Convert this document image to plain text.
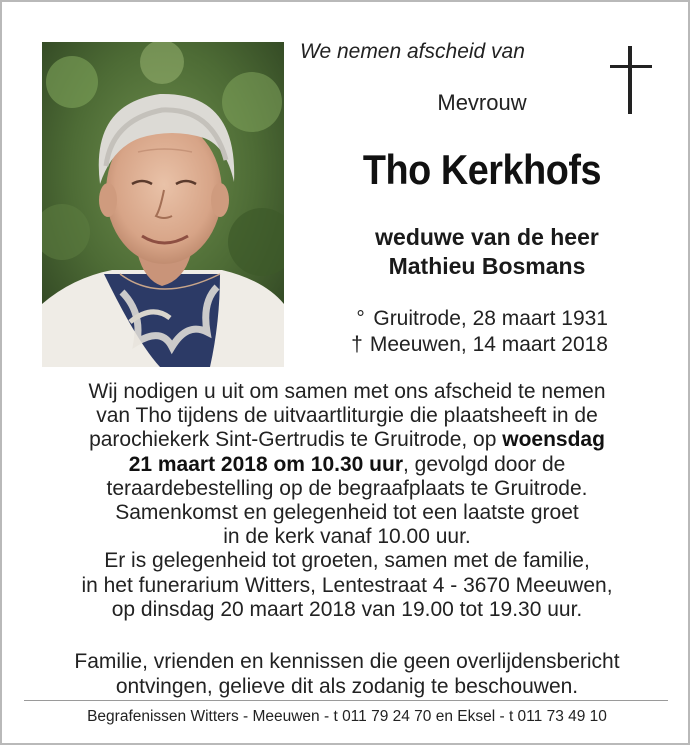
We nemen afscheid van
Mevrouw
Tho Kerkhofs
weduwe van de heer
Mathieu Bosmans
° Gruitrode, 28 maart 1931
† Meeuwen, 14 maart 2018
Wij nodigen u uit om samen met ons afscheid te nemen
van Tho tijdens de uitvaartliturgie die plaatsheeft in de
parochiekerk Sint-Gertrudis te Gruitrode, op woensdag
21 maart 2018 om 10.30 uur, gevolgd door de
teraardebestelling op de begraafplaats te Gruitrode.
Samenkomst en gelegenheid tot een laatste groet
in de kerk vanaf 10.00 uur.
Er is gelegenheid tot groeten, samen met de familie,
in het funerarium Witters, Lentestraat 4 - 3670 Meeuwen,
op dinsdag 20 maart 2018 van 19.00 tot 19.30 uur.
Familie, vrienden en kennissen die geen overlijdensbericht
ontvingen, gelieve dit als zodanig te beschouwen.
Begrafenissen Witters - Meeuwen - t 011 79 24 70 en Eksel - t 011 73 49 10
